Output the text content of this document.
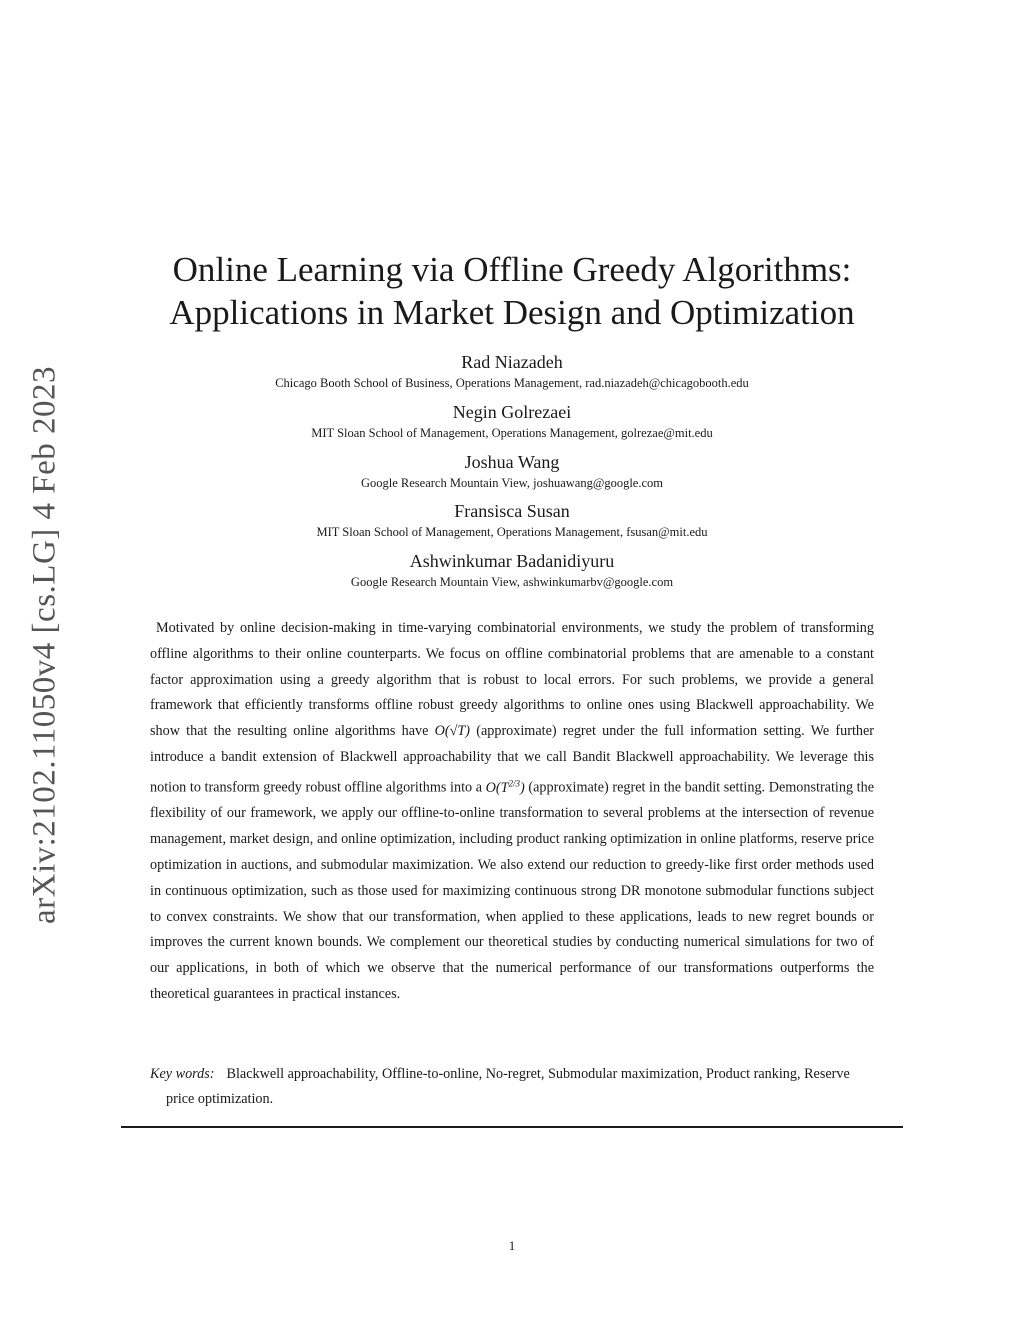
arXiv:2102.11050v4 [cs.LG] 4 Feb 2023
Online Learning via Offline Greedy Algorithms:
Applications in Market Design and Optimization
Rad Niazadeh
Chicago Booth School of Business, Operations Management, rad.niazadeh@chicagobooth.edu
Negin Golrezaei
MIT Sloan School of Management, Operations Management, golrezae@mit.edu
Joshua Wang
Google Research Mountain View, joshuawang@google.com
Fransisca Susan
MIT Sloan School of Management, Operations Management, fsusan@mit.edu
Ashwinkumar Badanidiyuru
Google Research Mountain View, ashwinkumarbv@google.com
Motivated by online decision-making in time-varying combinatorial environments, we study the problem of transforming offline algorithms to their online counterparts. We focus on offline combinatorial problems that are amenable to a constant factor approximation using a greedy algorithm that is robust to local errors. For such problems, we provide a general framework that efficiently transforms offline robust greedy algorithms to online ones using Blackwell approachability. We show that the resulting online algorithms have O(√T) (approximate) regret under the full information setting. We further introduce a bandit extension of Blackwell approachability that we call Bandit Blackwell approachability. We leverage this notion to transform greedy robust offline algorithms into a $O(T^{2/3})$ (approximate) regret in the bandit setting. Demonstrating the flexibility of our framework, we apply our offline-to-online transformation to several problems at the intersection of revenue management, market design, and online optimization, including product ranking optimization in online platforms, reserve price optimization in auctions, and submodular maximization. We also extend our reduction to greedy-like first order methods used in continuous optimization, such as those used for maximizing continuous strong DR monotone submodular functions subject to convex constraints. We show that our transformation, when applied to these applications, leads to new regret bounds or improves the current known bounds. We complement our theoretical studies by conducting numerical simulations for two of our applications, in both of which we observe that the numerical performance of our transformations outperforms the theoretical guarantees in practical instances.
Key words: Blackwell approachability, Offline-to-online, No-regret, Submodular maximization, Product ranking, Reserve price optimization.
1
